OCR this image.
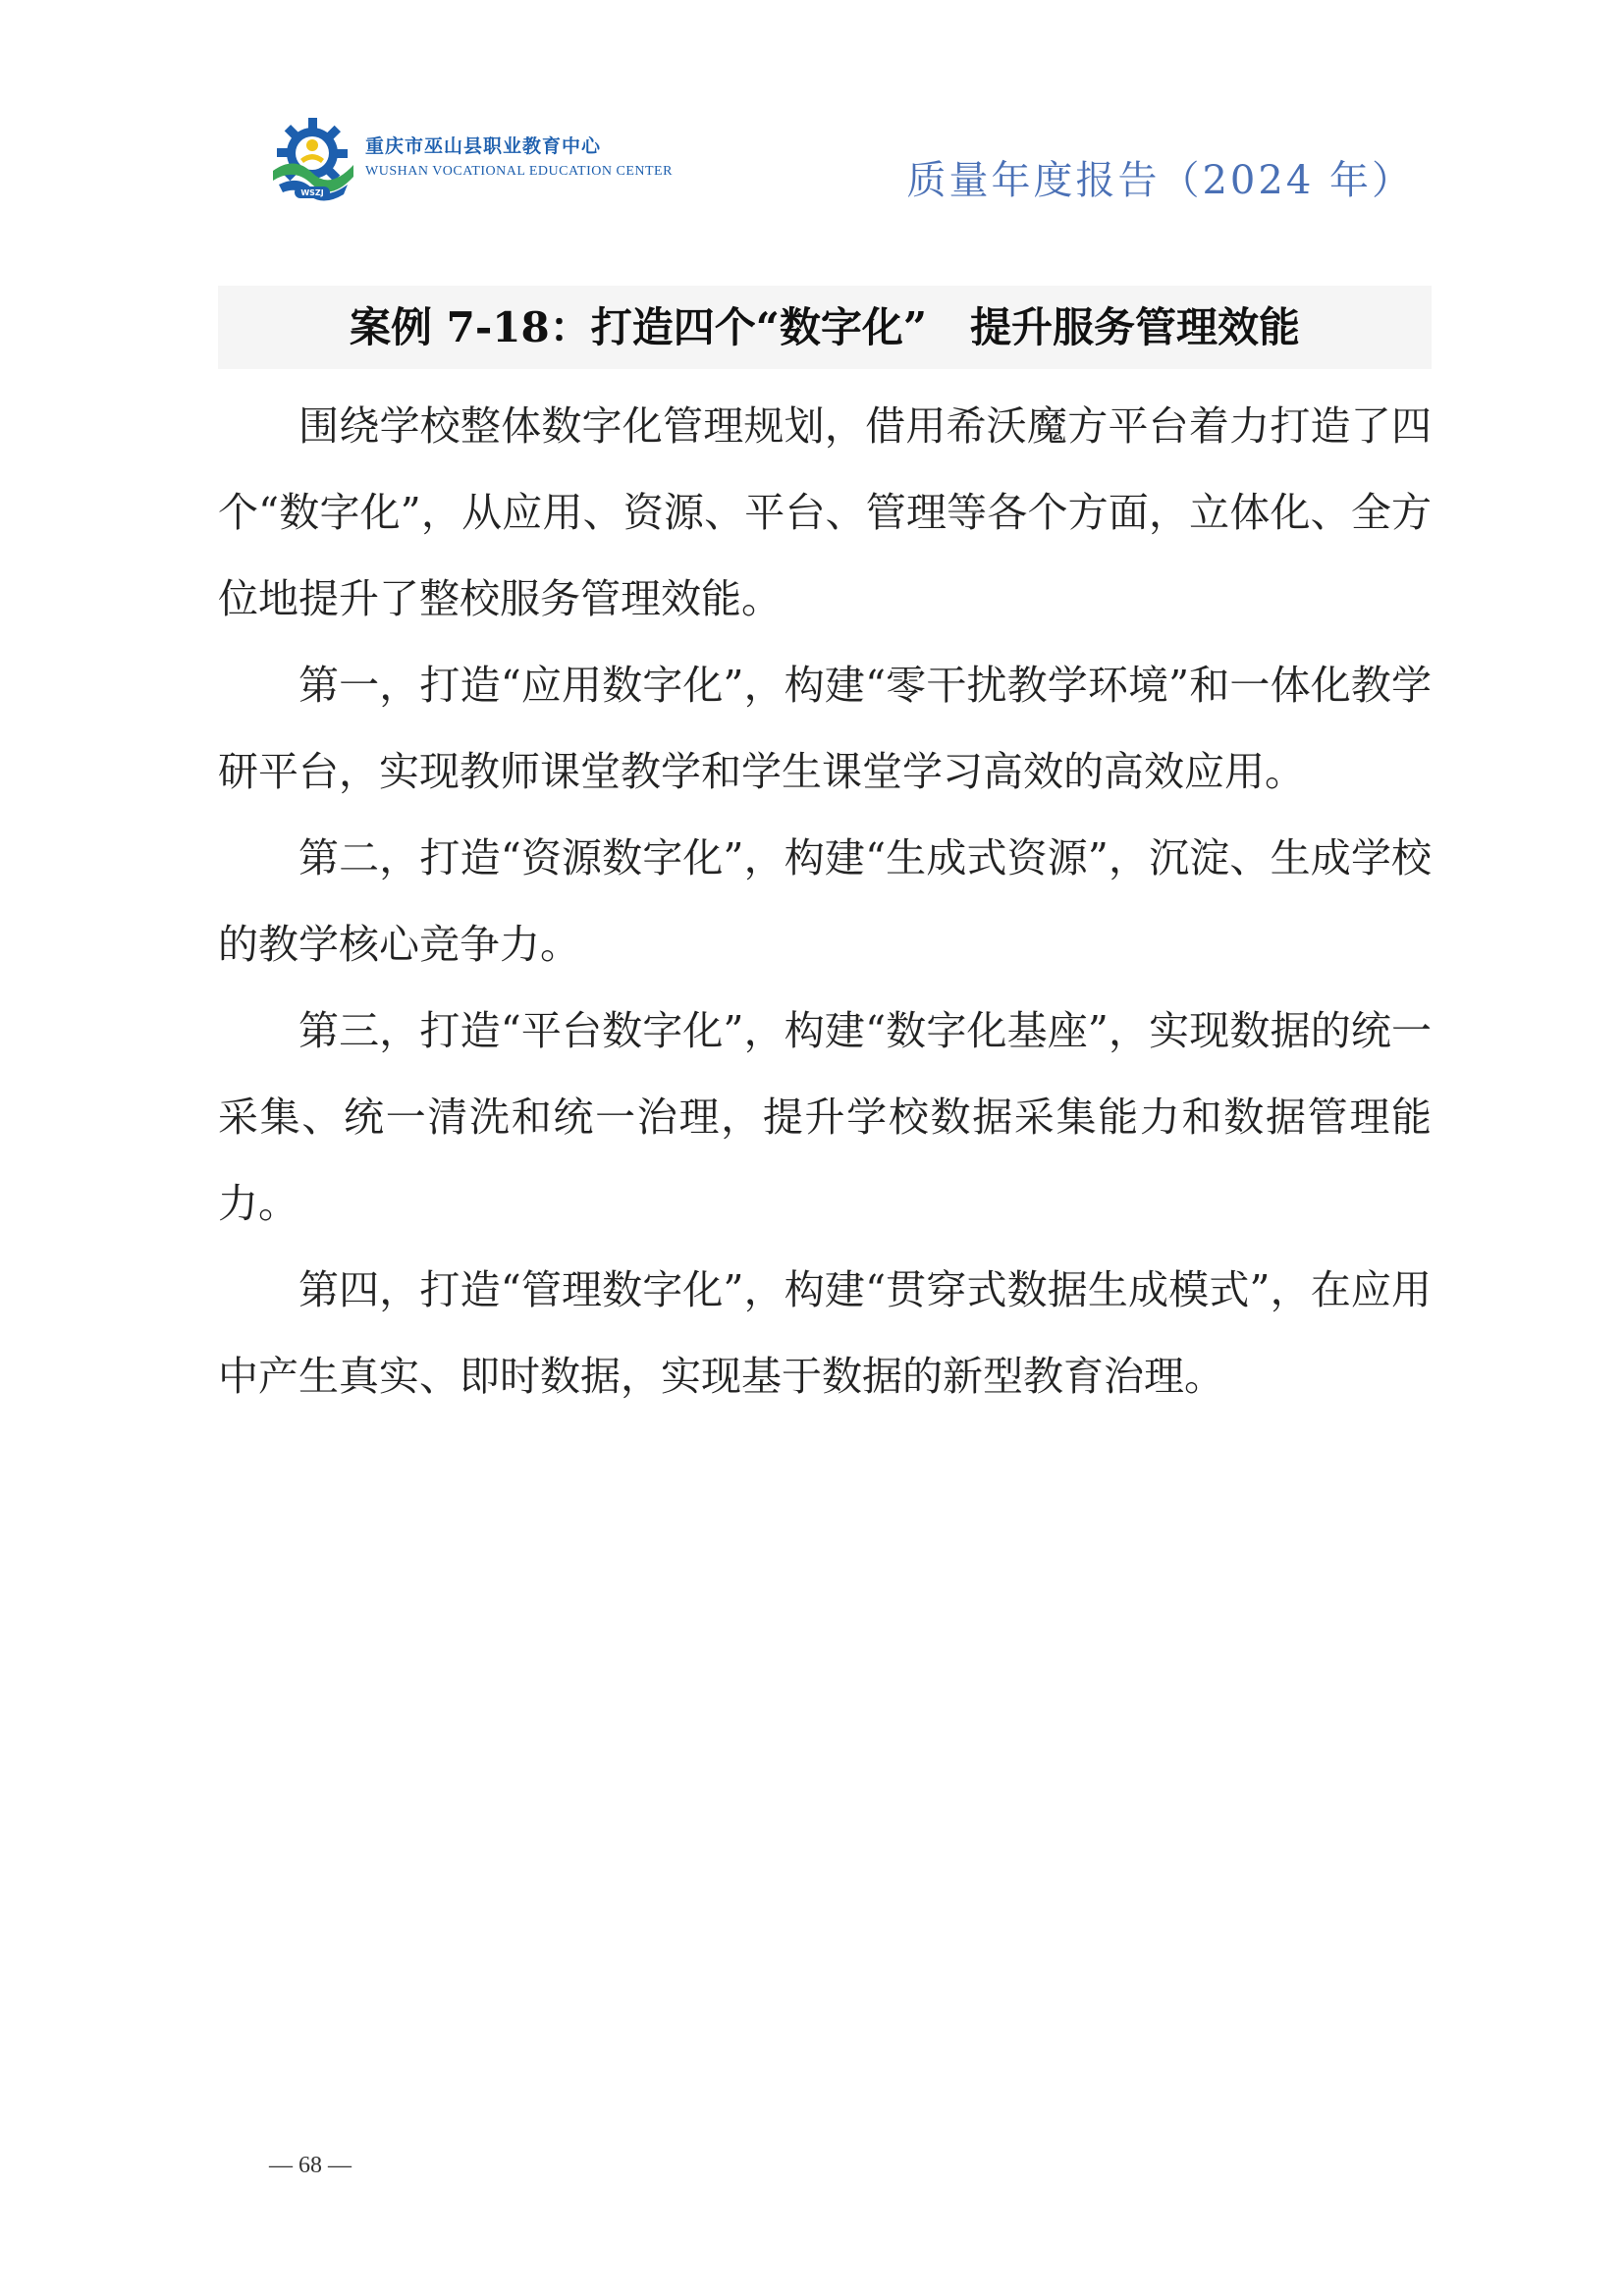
WSZJ
重庆市巫山县职业教育中心
WUSHAN VOCATIONAL EDUCATION CENTER	质量年度报告（2024 年）
案例 7-18：打造四个“数字化”   提升服务管理效能

围绕学校整体数字化管理规划，借用希沃魔方平台着力打造了四个“数字化”，从应用、资源、平台、管理等各个方面，立体化、全方位地提升了整校服务管理效能。

第一，打造“应用数字化”，构建“零干扰教学环境”和一体化教学研平台，实现教师课堂教学和学生课堂学习高效的高效应用。

第二，打造“资源数字化”，构建“生成式资源”，沉淀、生成学校的教学核心竞争力。

第三，打造“平台数字化”，构建“数字化基座”，实现数据的统一采集、统一清洗和统一治理，提升学校数据采集能力和数据管理能力。

第四，打造“管理数字化”，构建“贯穿式数据生成模式”，在应用中产生真实、即时数据，实现基于数据的新型教育治理。

— 68 —
